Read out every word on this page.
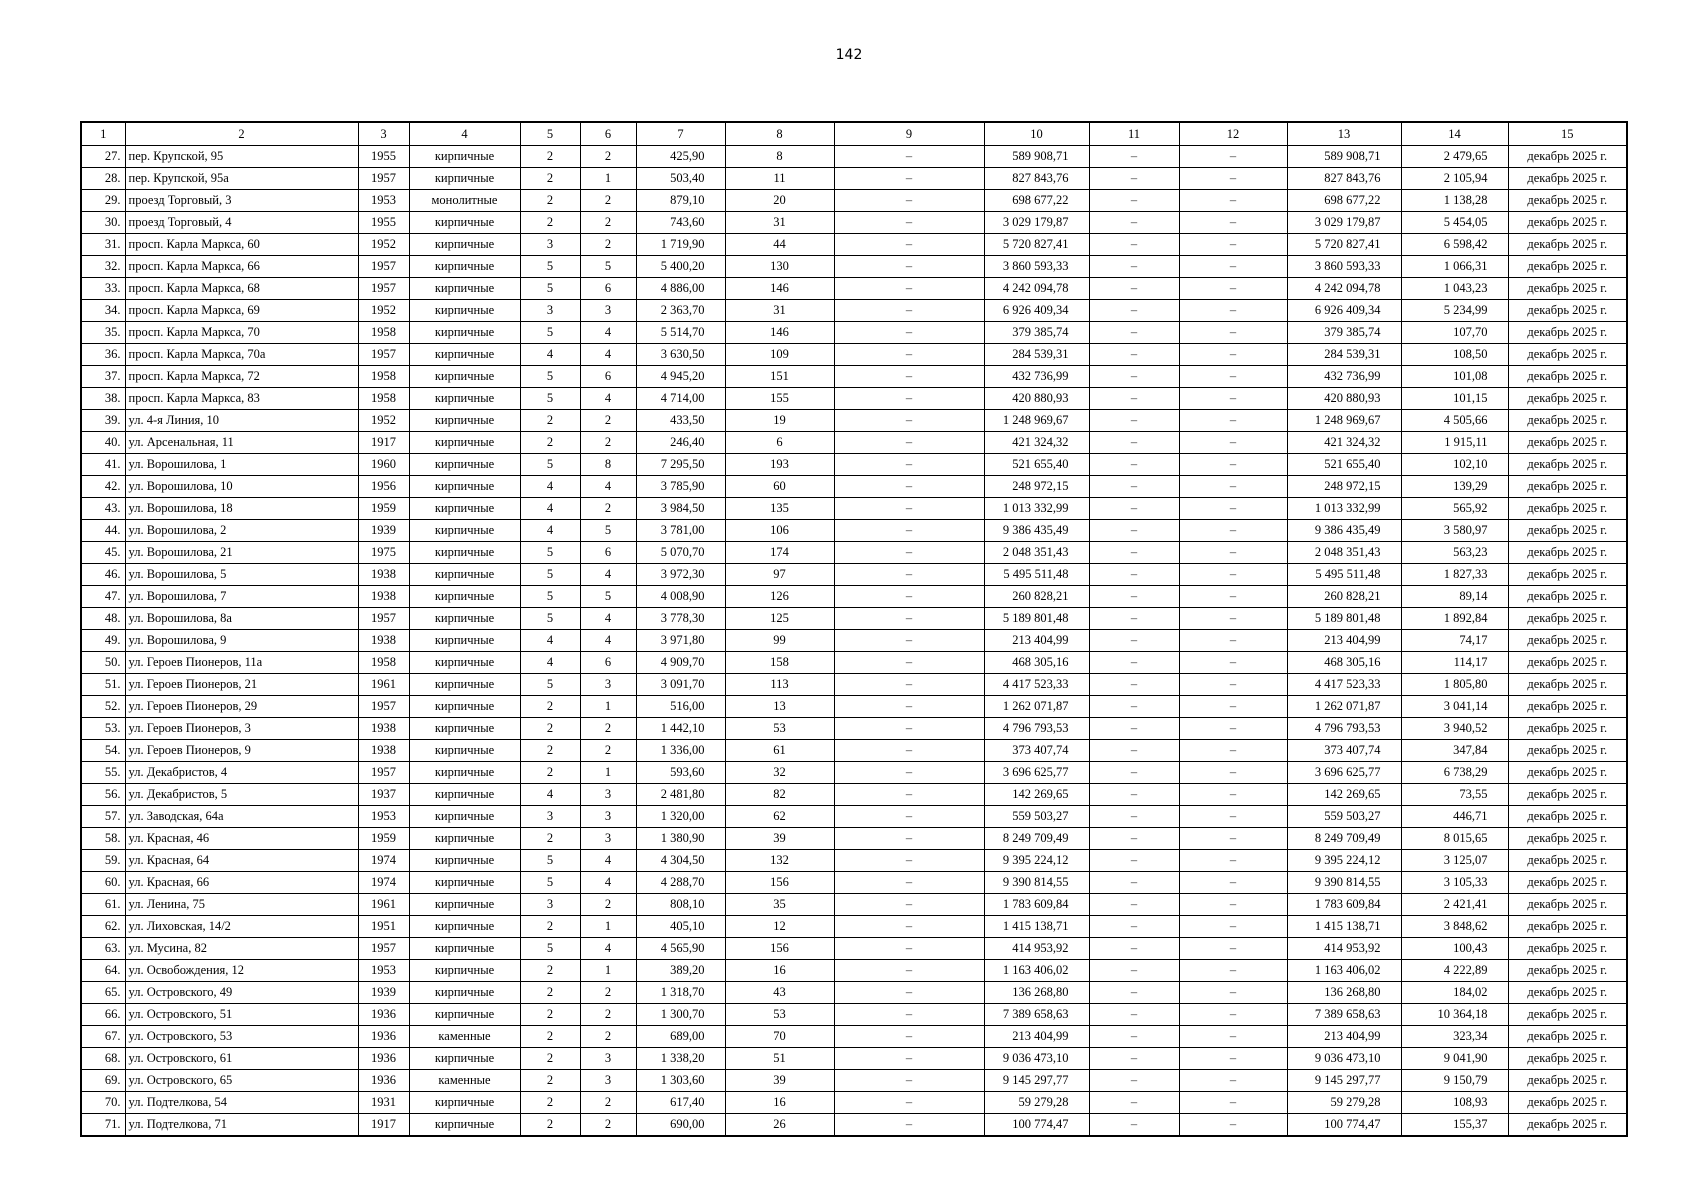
142
1	2	3	4	5	6	7	8	9	10	11	12	13	14	15
27.	пер. Крупской, 95	1955	кирпичные	2	2	425,90	8	–	589 908,71	–	–	589 908,71	2 479,65	декабрь 2025 г.
28.	пер. Крупской, 95а	1957	кирпичные	2	1	503,40	11	–	827 843,76	–	–	827 843,76	2 105,94	декабрь 2025 г.
29.	проезд Торговый, 3	1953	монолитные	2	2	879,10	20	–	698 677,22	–	–	698 677,22	1 138,28	декабрь 2025 г.
30.	проезд Торговый, 4	1955	кирпичные	2	2	743,60	31	–	3 029 179,87	–	–	3 029 179,87	5 454,05	декабрь 2025 г.
31.	просп. Карла Маркса, 60	1952	кирпичные	3	2	1 719,90	44	–	5 720 827,41	–	–	5 720 827,41	6 598,42	декабрь 2025 г.
32.	просп. Карла Маркса, 66	1957	кирпичные	5	5	5 400,20	130	–	3 860 593,33	–	–	3 860 593,33	1 066,31	декабрь 2025 г.
33.	просп. Карла Маркса, 68	1957	кирпичные	5	6	4 886,00	146	–	4 242 094,78	–	–	4 242 094,78	1 043,23	декабрь 2025 г.
34.	просп. Карла Маркса, 69	1952	кирпичные	3	3	2 363,70	31	–	6 926 409,34	–	–	6 926 409,34	5 234,99	декабрь 2025 г.
35.	просп. Карла Маркса, 70	1958	кирпичные	5	4	5 514,70	146	–	379 385,74	–	–	379 385,74	107,70	декабрь 2025 г.
36.	просп. Карла Маркса, 70а	1957	кирпичные	4	4	3 630,50	109	–	284 539,31	–	–	284 539,31	108,50	декабрь 2025 г.
37.	просп. Карла Маркса, 72	1958	кирпичные	5	6	4 945,20	151	–	432 736,99	–	–	432 736,99	101,08	декабрь 2025 г.
38.	просп. Карла Маркса, 83	1958	кирпичные	5	4	4 714,00	155	–	420 880,93	–	–	420 880,93	101,15	декабрь 2025 г.
39.	ул. 4-я Линия, 10	1952	кирпичные	2	2	433,50	19	–	1 248 969,67	–	–	1 248 969,67	4 505,66	декабрь 2025 г.
40.	ул. Арсенальная, 11	1917	кирпичные	2	2	246,40	6	–	421 324,32	–	–	421 324,32	1 915,11	декабрь 2025 г.
41.	ул. Ворошилова, 1	1960	кирпичные	5	8	7 295,50	193	–	521 655,40	–	–	521 655,40	102,10	декабрь 2025 г.
42.	ул. Ворошилова, 10	1956	кирпичные	4	4	3 785,90	60	–	248 972,15	–	–	248 972,15	139,29	декабрь 2025 г.
43.	ул. Ворошилова, 18	1959	кирпичные	4	2	3 984,50	135	–	1 013 332,99	–	–	1 013 332,99	565,92	декабрь 2025 г.
44.	ул. Ворошилова, 2	1939	кирпичные	4	5	3 781,00	106	–	9 386 435,49	–	–	9 386 435,49	3 580,97	декабрь 2025 г.
45.	ул. Ворошилова, 21	1975	кирпичные	5	6	5 070,70	174	–	2 048 351,43	–	–	2 048 351,43	563,23	декабрь 2025 г.
46.	ул. Ворошилова, 5	1938	кирпичные	5	4	3 972,30	97	–	5 495 511,48	–	–	5 495 511,48	1 827,33	декабрь 2025 г.
47.	ул. Ворошилова, 7	1938	кирпичные	5	5	4 008,90	126	–	260 828,21	–	–	260 828,21	89,14	декабрь 2025 г.
48.	ул. Ворошилова, 8а	1957	кирпичные	5	4	3 778,30	125	–	5 189 801,48	–	–	5 189 801,48	1 892,84	декабрь 2025 г.
49.	ул. Ворошилова, 9	1938	кирпичные	4	4	3 971,80	99	–	213 404,99	–	–	213 404,99	74,17	декабрь 2025 г.
50.	ул. Героев Пионеров, 11а	1958	кирпичные	4	6	4 909,70	158	–	468 305,16	–	–	468 305,16	114,17	декабрь 2025 г.
51.	ул. Героев Пионеров, 21	1961	кирпичные	5	3	3 091,70	113	–	4 417 523,33	–	–	4 417 523,33	1 805,80	декабрь 2025 г.
52.	ул. Героев Пионеров, 29	1957	кирпичные	2	1	516,00	13	–	1 262 071,87	–	–	1 262 071,87	3 041,14	декабрь 2025 г.
53.	ул. Героев Пионеров, 3	1938	кирпичные	2	2	1 442,10	53	–	4 796 793,53	–	–	4 796 793,53	3 940,52	декабрь 2025 г.
54.	ул. Героев Пионеров, 9	1938	кирпичные	2	2	1 336,00	61	–	373 407,74	–	–	373 407,74	347,84	декабрь 2025 г.
55.	ул. Декабристов, 4	1957	кирпичные	2	1	593,60	32	–	3 696 625,77	–	–	3 696 625,77	6 738,29	декабрь 2025 г.
56.	ул. Декабристов, 5	1937	кирпичные	4	3	2 481,80	82	–	142 269,65	–	–	142 269,65	73,55	декабрь 2025 г.
57.	ул. Заводская, 64а	1953	кирпичные	3	3	1 320,00	62	–	559 503,27	–	–	559 503,27	446,71	декабрь 2025 г.
58.	ул. Красная, 46	1959	кирпичные	2	3	1 380,90	39	–	8 249 709,49	–	–	8 249 709,49	8 015,65	декабрь 2025 г.
59.	ул. Красная, 64	1974	кирпичные	5	4	4 304,50	132	–	9 395 224,12	–	–	9 395 224,12	3 125,07	декабрь 2025 г.
60.	ул. Красная, 66	1974	кирпичные	5	4	4 288,70	156	–	9 390 814,55	–	–	9 390 814,55	3 105,33	декабрь 2025 г.
61.	ул. Ленина, 75	1961	кирпичные	3	2	808,10	35	–	1 783 609,84	–	–	1 783 609,84	2 421,41	декабрь 2025 г.
62.	ул. Лиховская, 14/2	1951	кирпичные	2	1	405,10	12	–	1 415 138,71	–	–	1 415 138,71	3 848,62	декабрь 2025 г.
63.	ул. Мусина, 82	1957	кирпичные	5	4	4 565,90	156	–	414 953,92	–	–	414 953,92	100,43	декабрь 2025 г.
64.	ул. Освобождения, 12	1953	кирпичные	2	1	389,20	16	–	1 163 406,02	–	–	1 163 406,02	4 222,89	декабрь 2025 г.
65.	ул. Островского, 49	1939	кирпичные	2	2	1 318,70	43	–	136 268,80	–	–	136 268,80	184,02	декабрь 2025 г.
66.	ул. Островского, 51	1936	кирпичные	2	2	1 300,70	53	–	7 389 658,63	–	–	7 389 658,63	10 364,18	декабрь 2025 г.
67.	ул. Островского, 53	1936	каменные	2	2	689,00	70	–	213 404,99	–	–	213 404,99	323,34	декабрь 2025 г.
68.	ул. Островского, 61	1936	кирпичные	2	3	1 338,20	51	–	9 036 473,10	–	–	9 036 473,10	9 041,90	декабрь 2025 г.
69.	ул. Островского, 65	1936	каменные	2	3	1 303,60	39	–	9 145 297,77	–	–	9 145 297,77	9 150,79	декабрь 2025 г.
70.	ул. Подтелкова, 54	1931	кирпичные	2	2	617,40	16	–	59 279,28	–	–	59 279,28	108,93	декабрь 2025 г.
71.	ул. Подтелкова, 71	1917	кирпичные	2	2	690,00	26	–	100 774,47	–	–	100 774,47	155,37	декабрь 2025 г.
